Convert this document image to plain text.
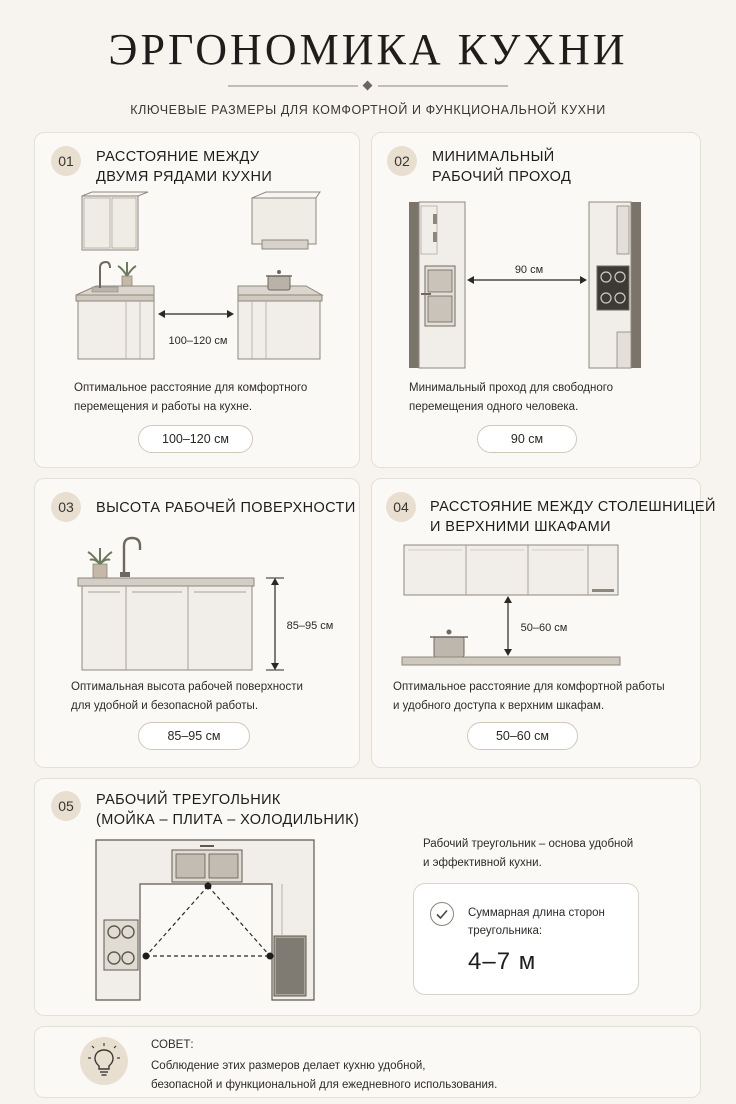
ЭРГОНОМИКА КУХНИ
КЛЮЧЕВЫЕ РАЗМЕРЫ ДЛЯ КОМФОРТНОЙ И ФУНКЦИОНАЛЬНОЙ КУХНИ
01	РАССТОЯНИЕ МЕЖДУ
ДВУМЯ РЯДАМИ КУХНИ
100–120 см
Оптимальное расстояние для комфортного
перемещения и работы на кухне.
100–120 см
02	МИНИМАЛЬНЫЙ
РАБОЧИЙ ПРОХОД
90 см
Минимальный проход для свободного
перемещения одного человека.
90 см
03	ВЫСОТА РАБОЧЕЙ ПОВЕРХНОСТИ
85–95 см
Оптимальная высота рабочей поверхности
для удобной и безопасной работы.
85–95 см
04	РАССТОЯНИЕ МЕЖДУ СТОЛЕШНИЦЕЙ
И ВЕРХНИМИ ШКАФАМИ
50–60 см
Оптимальное расстояние для комфортной работы
и удобного доступа к верхним шкафам.
50–60 см
05	РАБОЧИЙ ТРЕУГОЛЬНИК
(МОЙКА – ПЛИТА – ХОЛОДИЛЬНИК)
Рабочий треугольник – основа удобной
и эффективной кухни.
Суммарная длина сторон треугольника:
4–7 м
СОВЕТ:
Соблюдение этих размеров делает кухню удобной,
безопасной и функциональной для ежедневного использования.
